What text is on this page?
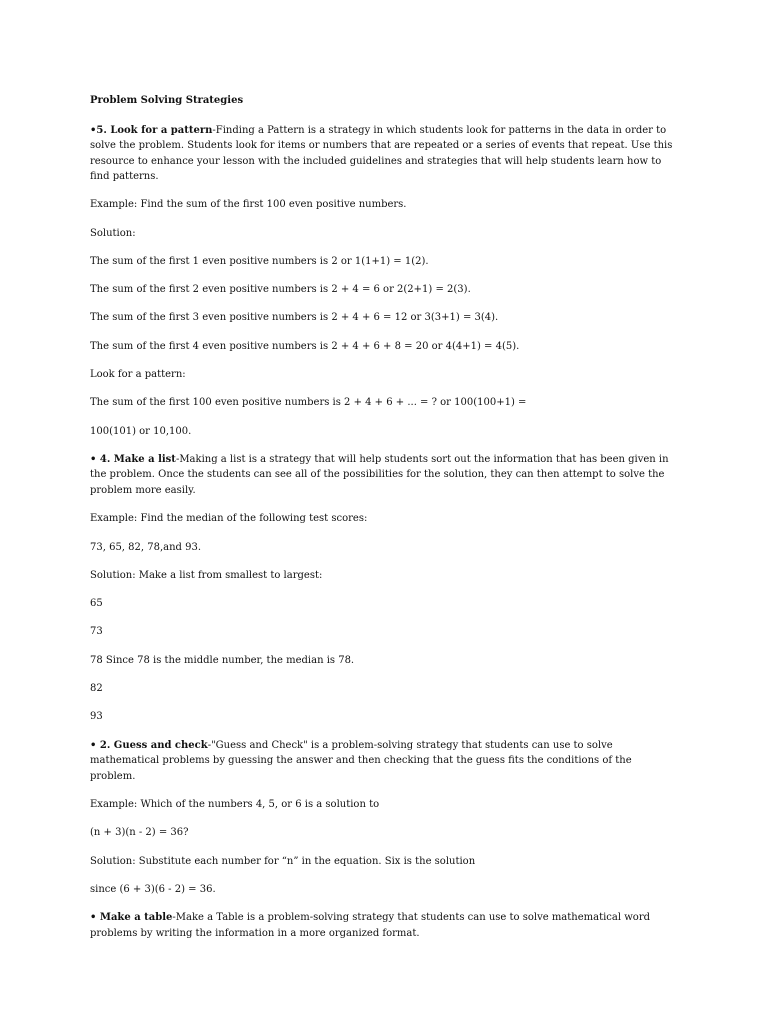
Problem Solving Strategies

•5. Look for a pattern-Finding a Pattern is a strategy in which students look for patterns in the data in order to solve the problem. Students look for items or numbers that are repeated or a series of events that repeat. Use this resource to enhance your lesson with the included guidelines and strategies that will help students learn how to find patterns.

Example: Find the sum of the first 100 even positive numbers.

Solution:

The sum of the first 1 even positive numbers is 2 or 1(1+1) = 1(2).

The sum of the first 2 even positive numbers is 2 + 4 = 6 or 2(2+1) = 2(3).

The sum of the first 3 even positive numbers is 2 + 4 + 6 = 12 or 3(3+1) = 3(4).

The sum of the first 4 even positive numbers is 2 + 4 + 6 + 8 = 20 or 4(4+1) = 4(5).

Look for a pattern:

The sum of the first 100 even positive numbers is 2 + 4 + 6 + ... = ? or 100(100+1) =

100(101) or 10,100.

• 4. Make a list-Making a list is a strategy that will help students sort out the information that has been given in the problem. Once the students can see all of the possibilities for the solution, they can then attempt to solve the problem more easily.

Example: Find the median of the following test scores:

73, 65, 82, 78,and 93.

Solution: Make a list from smallest to largest:

65

73

78 Since 78 is the middle number, the median is 78.

82

93

• 2. Guess and check-"Guess and Check" is a problem-solving strategy that students can use to solve mathematical problems by guessing the answer and then checking that the guess fits the conditions of the problem.

Example: Which of the numbers 4, 5, or 6 is a solution to

(n + 3)(n - 2) = 36?

Solution: Substitute each number for “n” in the equation. Six is the solution

since (6 + 3)(6 - 2) = 36.

• Make a table-Make a Table is a problem-solving strategy that students can use to solve mathematical word problems by writing the information in a more organized format.
